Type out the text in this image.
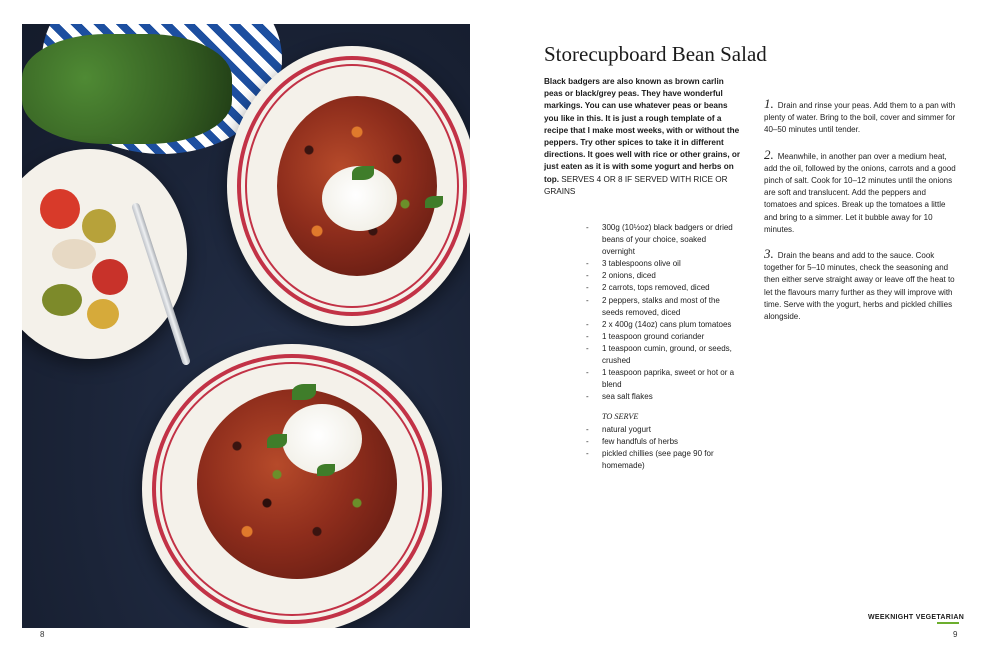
8	9
Storecupboard Bean Salad
Black badgers are also known as brown carlin peas or black/grey peas. They have wonderful markings. You can use whatever peas or beans you like in this. It is just a rough template of a recipe that I make most weeks, with or without the peppers. Try other spices to take it in different directions. It goes well with rice or other grains, or just eaten as it is with some yogurt and herbs on top. SERVES 4 OR 8 IF SERVED WITH RICE OR GRAINS
- 300g (10½oz) black badgers or dried beans of your choice, soaked overnight
- 3 tablespoons olive oil
- 2 onions, diced
- 2 carrots, tops removed, diced
- 2 peppers, stalks and most of the seeds removed, diced
- 2 x 400g (14oz) cans plum tomatoes
- 1 teaspoon ground coriander
- 1 teaspoon cumin, ground, or seeds, crushed
- 1 teaspoon paprika, sweet or hot or a blend
- sea salt flakes
TO SERVE
- natural yogurt
- few handfuls of herbs
- pickled chillies (see page 90 for homemade)
1. Drain and rinse your peas. Add them to a pan with plenty of water. Bring to the boil, cover and simmer for 40–50 minutes until tender.
2. Meanwhile, in another pan over a medium heat, add the oil, followed by the onions, carrots and a good pinch of salt. Cook for 10–12 minutes until the onions are soft and translucent. Add the peppers and tomatoes and spices. Break up the tomatoes a little and bring to a simmer. Let it bubble away for 10 minutes.
3. Drain the beans and add to the sauce. Cook together for 5–10 minutes, check the seasoning and then either serve straight away or leave off the heat to let the flavours marry further as they will improve with time. Serve with the yogurt, herbs and pickled chillies alongside.
WEEKNIGHT VEGETARIAN
